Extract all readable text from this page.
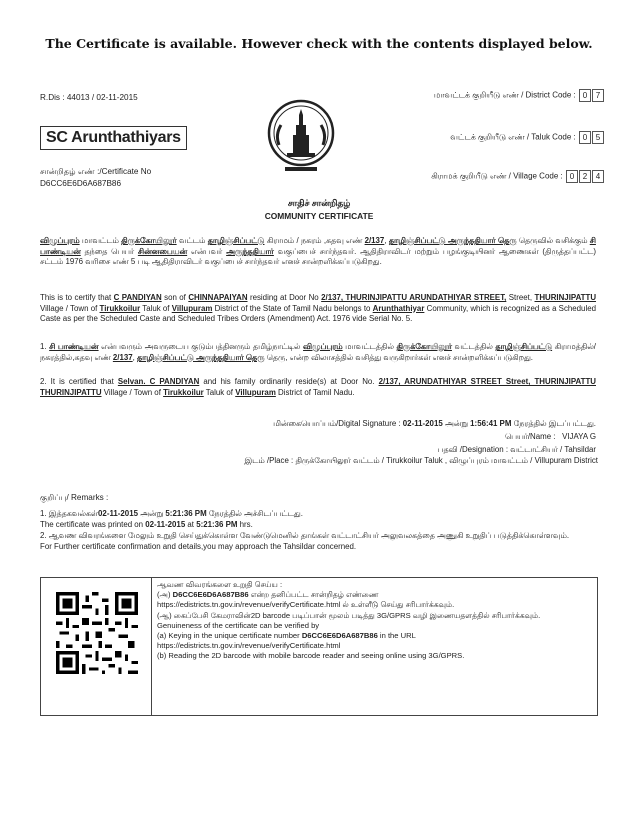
The Certificate is available. However check with the contents displayed below.
R.Dis : 44013 / 02-11-2015	மாவட்டக் குறியீடு எண் / District Code : 0 7
வட்டக் குறியீடு எண் / Taluk Code : 0 5
கிராமக் குறியீடு எண் / Village Code : 0 2 4
SC Arunthathiyars
சான்றிதழ் எண் :/Certificate No
D6CC6E6D6A687B86
சாதிச் சான்றிதழ்
COMMUNITY CERTIFICATE
விழுப்புரம் மாவட்டம் திருக்கோயிலூர் வட்டம் தாழிஞ்சிப்பட்டு கிராமம் / நகரம் ,கதவு எண் 2/137, தாழிஞ்சிப்பட்டு அருந்ததியார் தெரு தெருவில் வசிக்கும் சி பாண்டியன் தந்தை பெயர் சின்னபையன் என்பவர் அருந்ததியார் வகுப்பைச் சார்ந்தவர். ஆதிதிராவிடர் மற்றும் பழங்குடியினர் ஆணைகள் (திருத்தப்பட்ட) சட்டம் 1976 வரிசை எண் 5 படி ஆதிதிராவிடர் வகுப்பைச் சார்ந்தவர் எனச் சான்றளிக்கப்படுகிறது.
This is to certify that C PANDIYAN son of CHINNAPAIYAN residing at Door No 2/137, THURINJIPATTU ARUNDATHIYAR STREET, Street, THURINJIPATTU Village / Town of Tirukkoilur Taluk of Villupuram District of the State of Tamil Nadu belongs to Arunthathiyar Community, which is recognized as a Scheduled Caste as per the Scheduled Caste and Scheduled Tribes Orders (Amendment) Act. 1976 vide Serial No. 5.
1. சி பாண்டியன் என்பவரும் அவருடைய குடும்பத்தினரும் தமிழ்நாட்டில் விழுப்புரம் மாவட்டத்தில் திருக்கோயிலூர் வட்டத்தில் தாழிஞ்சிப்பட்டு கிராமத்தில்/நகரத்தில்,கதவு எண் 2/137, தாழிஞ்சிப்பட்டு அருந்ததியார் தெரு தெரு, என்ற விலாசத்தில் வசித்து வருகிறார்கள் எனச் சான்றளிக்கப்படுகிறது.
2. It is certified that Selvan. C PANDIYAN and his family ordinarily reside(s) at Door No. 2/137, ARUNDATHIYAR STREET Street, THURINJIPATTU THURINJIPATTU Village / Town of Tirukkoilur Taluk of Villupuram District of Tamil Nadu.
மின்கையொப்பம்/Digital Signature : 02-11-2015 அன்று 1:56:41 PM நேரத்தில் இடப்பட்டது.
பெயர்/Name : VIJAYA G
பதவி /Designation : வட்டாட்சியர் / Tahsildar
இடம் /Place : திருக்கோயிலூர் வட்டம் / Tirukkoilur Taluk , விழுப்புரம் மாவட்டம் / Villupuram District
குறிப்பு/ Remarks :
1. இத்தகவல்கள்02-11-2015 அன்று 5:21:36 PM நேரத்தில் அச்சிடப்பட்டது.
The certificate was printed on 02-11-2015 at 5:21:36 PM hrs.
2. ஆவண விவரங்களை மேலும் உறுதி செய்துக்கொள்ள வேண்டுமெனில் தாங்கள் வட்டாட்சியர் அலுவலகத்தை அணுகி உறுதிப் படுத்திக்கொள்ளவும்.
For Further certificate confirmation and details,you may approach the Tahsildar concerned.
ஆவண விவரங்களை உறுதி செய்ய :
(அ) D6CC6E6D6A687B86 என்ற தனிப்பட்ட சான்றிதழ் எண்ணை
https://edistricts.tn.gov.in/revenue/verifyCertificate.html ல் உள்ளீடு செய்து சரிபார்க்கவும்.
(ஆ) கைப்பேசி கேமராவின்2D barcode படிப்பான் மூலம் படித்து 3G/GPRS வழி இணையதளத்தில் சரிபார்க்கவும்.
Genuineness of the certificate can be verified by
(a) Keying in the unique certificate number D6CC6E6D6A687B86 in the URL
https://edistricts.tn.gov.in/revenue/verifyCertificate.html
(b) Reading the 2D barcode with mobile barcode reader and seeing online using 3G/GPRS.
